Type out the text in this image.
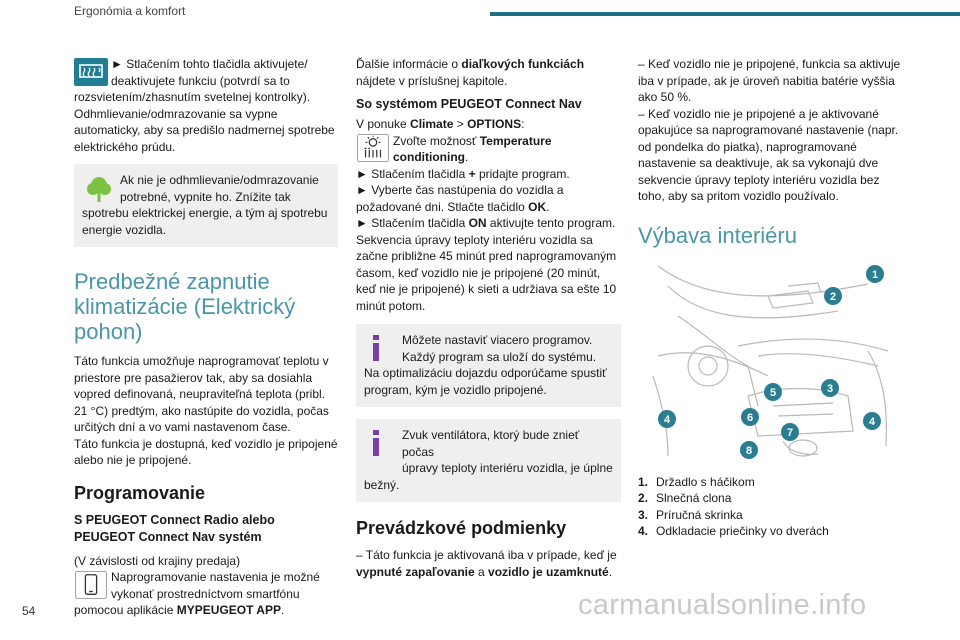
Ergonómia a komfort
► Stlačením tohto tlačidla aktivujete/
deaktivujete funkciu (potvrdí sa to
rozsvietením/zhasnutím svetelnej kontrolky).
Odhmlievanie/odmrazovanie sa vypne automaticky, aby sa predišlo nadmernej spotrebe elektrického prúdu.
Ak nie je odhmlievanie/odmrazovanie
potrebné, vypnite ho. Znížite tak
spotrebu elektrickej energie, a tým aj spotrebu energie vozidla.
Predbežné zapnutie klimatizácie (Elektrický pohon)
Táto funkcia umožňuje naprogramovať teplotu v priestore pre pasažierov tak, aby sa dosiahla vopred definovaná, neupravitеľná teplota (pribl. 21 °C) predtým, ako nastúpite do vozidla, počas určitých dní a vo vami nastavenom čase.
Táto funkcia je dostupná, keď vozidlo je pripojené alebo nie je pripojené.
Programovanie
S PEUGEOT Connect Radio alebo PEUGEOT Connect Nav systém
(V závislosti od krajiny predaja)
Naprogramovanie nastavenia je možné
vykonať prostredníctvom smartfónu
pomocou aplikácie MYPEUGEOT APP.
Ďalšie informácie o diaľkových funkciách nájdete v príslušnej kapitole.
So systémom PEUGEOT Connect Nav
V ponuke Climate > OPTIONS:
Zvoľte možnosť Temperature conditioning.
► Stlačením tlačidla + pridajte program.
► Vyberte čas nastúpenia do vozidla a požadované dni. Stlačte tlačidlo OK.
► Stlačením tlačidla ON aktivujte tento program.
Sekvencia úpravy teploty interiéru vozidla sa začne približne 45 minút pred naprogramovaným časom, keď vozidlo nie je pripojené (20 minút, keď nie je pripojené) k sieti a udržiava sa ešte 10 minút potom.
Môžete nastaviť viacero programov.
Každý program sa uloží do systému.
Na optimalizáciu dojazdu odporúčame spustiť program, kým je vozidlo pripojené.
Zvuk ventilátora, ktorý bude znieť počas
úpravy teploty interiéru vozidla, je úplne
bežný.
Prevádzkové podmienky
– Táto funkcia je aktivovaná iba v prípade, keď je vypnuté zapaľovanie a vozidlo je uzamknuté.
– Keď vozidlo nie je pripojené, funkcia sa aktivuje iba v prípade, ak je úroveň nabitia batérie vyššia ako 50 %.
– Keď vozidlo nie je pripojené a je aktivované opakujúce sa naprogramované nastavenie (napr. od pondelka do piatka), naprogramované nastavenie sa deaktivuje, ak sa vykonajú dve sekvencie úpravy teploty interiéru vozidla bez toho, aby sa pritom vozidlo používalo.
Výbava interiéru
1
2
3
4	4
5
6
7
8
1. Držadlo s háčikom
2. Slnečná clona
3. Príručná skrinka
4. Odkladacie priečinky vo dverách
54	carmanualsonline.info
